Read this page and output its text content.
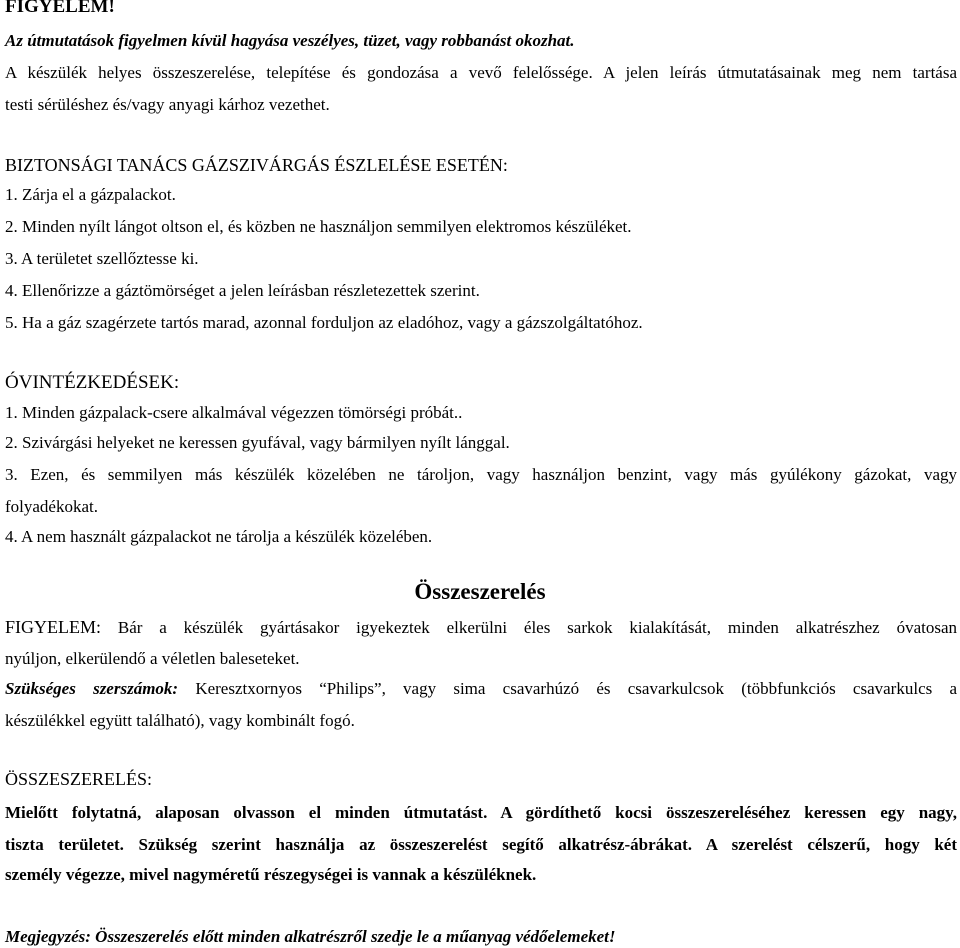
FIGYELEM!
Az útmutatások figyelmen kívül hagyása veszélyes, tüzet, vagy robbanást okozhat.
A készülék helyes összeszerelése, telepítése és gondozása a vevő felelőssége. A jelen leírás útmutatásainak meg nem tartása
testi sérüléshez és/vagy anyagi kárhoz vezethet.
BIZTONSÁGI TANÁCS GÁZSZIVÁRGÁS ÉSZLELÉSE ESETÉN:
1. Zárja el a gázpalackot.
2. Minden nyílt lángot oltson el, és közben ne használjon semmilyen elektromos készüléket.
3. A területet szellőztesse ki.
4. Ellenőrizze a gáztömörséget a jelen leírásban részletezettek szerint.
5. Ha a gáz szagérzete tartós marad, azonnal forduljon az eladóhoz, vagy a gázszolgáltatóhoz.
ÓVINTÉZKEDÉSEK:
1. Minden gázpalack-csere alkalmával végezzen tömörségi próbát..
2. Szivárgási helyeket ne keressen gyufával, vagy bármilyen nyílt lánggal.
3. Ezen, és semmilyen más készülék közelében ne tároljon, vagy használjon benzint, vagy más gyúlékony gázokat, vagy
folyadékokat.
4. A nem használt gázpalackot ne tárolja a készülék közelében.
Összeszerelés
FIGYELEM: Bár a készülék gyártásakor igyekeztek elkerülni éles sarkok kialakítását, minden alkatrészhez óvatosan
nyúljon, elkerülendő a véletlen baleseteket.
Szükséges szerszámok: Keresztхornyos “Philips”, vagy sima csavarhúzó és csavarkulcsok (többfunkciós csavarkulcs a
készülékkel együtt található), vagy kombinált fogó.
ÖSSZESZERELÉS:
Mielőtt folytatná, alaposan olvasson el minden útmutatást. A gördíthető kocsi összeszereléséhez keressen egy nagy,
tiszta területet. Szükség szerint használja az összeszerelést segítő alkatrész-ábrákat. A szerelést célszerű, hogy két
személy végezze, mivel nagyméretű részegységei is vannak a készüléknek.
Megjegyzés: Összeszerelés előtt minden alkatrészről szedje le a műanyag védőelemeket!
